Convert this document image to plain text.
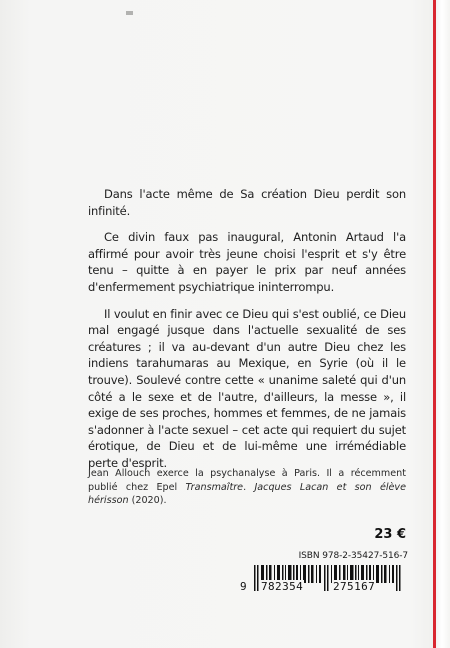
Dans l'acte même de Sa création Dieu perdit son infinité.

Ce divin faux pas inaugural, Antonin Artaud l'a affirmé pour avoir très jeune choisi l'esprit et s'y être tenu – quitte à en payer le prix par neuf années d'enfermement psychiatrique ininterrompu.

Il voulut en finir avec ce Dieu qui s'est oublié, ce Dieu mal engagé jusque dans l'actuelle sexualité de ses créatures ; il va au-devant d'un autre Dieu chez les indiens tarahumaras au Mexique, en Syrie (où il le trouve). Soulevé contre cette « unanime saleté qui d'un côté a le sexe et de l'autre, d'ailleurs, la messe », il exige de ses proches, hommes et femmes, de ne jamais s'adonner à l'acte sexuel – cet acte qui requiert du sujet érotique, de Dieu et de lui-même une irrémédiable perte d'esprit.

Jean Allouch exerce la psychanalyse à Paris. Il a récemment publié chez Epel Transmaître. Jacques Lacan et son élève hérisson (2020).
23 €
ISBN 978-2-35427-516-7
9 782354	275167
